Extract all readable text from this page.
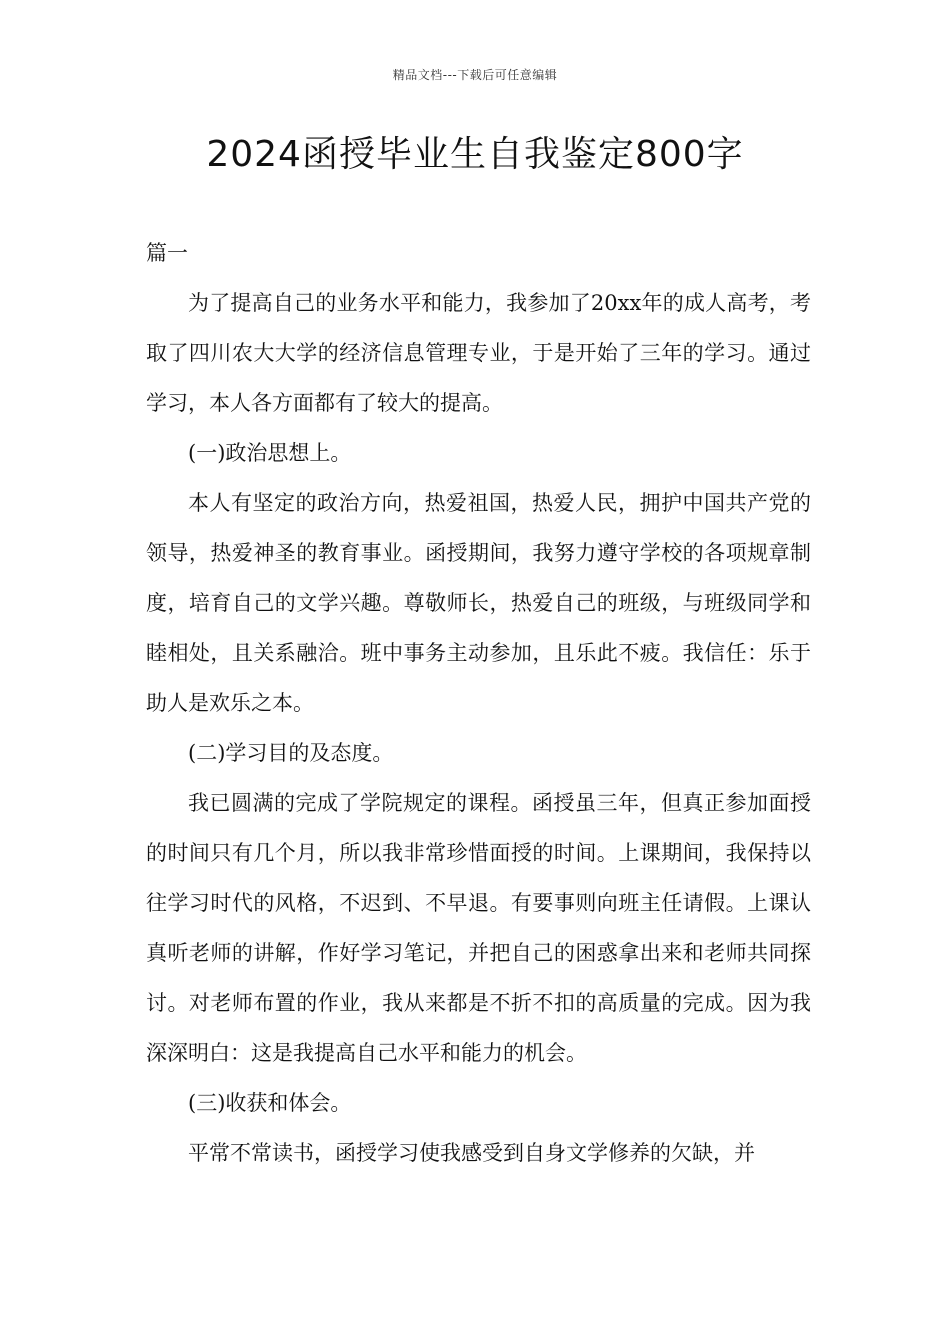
精品文档---下载后可任意编辑
2024函授毕业生自我鉴定800字

篇一

为了提高自己的业务水平和能力，我参加了20xx年的成人高考，考取了四川农大大学的经济信息管理专业，于是开始了三年的学习。通过学习，本人各方面都有了较大的提高。

(一)政治思想上。

本人有坚定的政治方向，热爱祖国，热爱人民，拥护中国共产党的领导，热爱神圣的教育事业。函授期间，我努力遵守学校的各项规章制度，培育自己的文学兴趣。尊敬师长，热爱自己的班级，与班级同学和睦相处，且关系融洽。班中事务主动参加，且乐此不疲。我信任：乐于助人是欢乐之本。

(二)学习目的及态度。

我已圆满的完成了学院规定的课程。函授虽三年，但真正参加面授的时间只有几个月，所以我非常珍惜面授的时间。上课期间，我保持以往学习时代的风格，不迟到、不早退。有要事则向班主任请假。上课认真听老师的讲解，作好学习笔记，并把自己的困惑拿出来和老师共同探讨。对老师布置的作业，我从来都是不折不扣的高质量的完成。因为我深深明白：这是我提高自己水平和能力的机会。

(三)收获和体会。

平常不常读书，函授学习使我感受到自身文学修养的欠缺，并
